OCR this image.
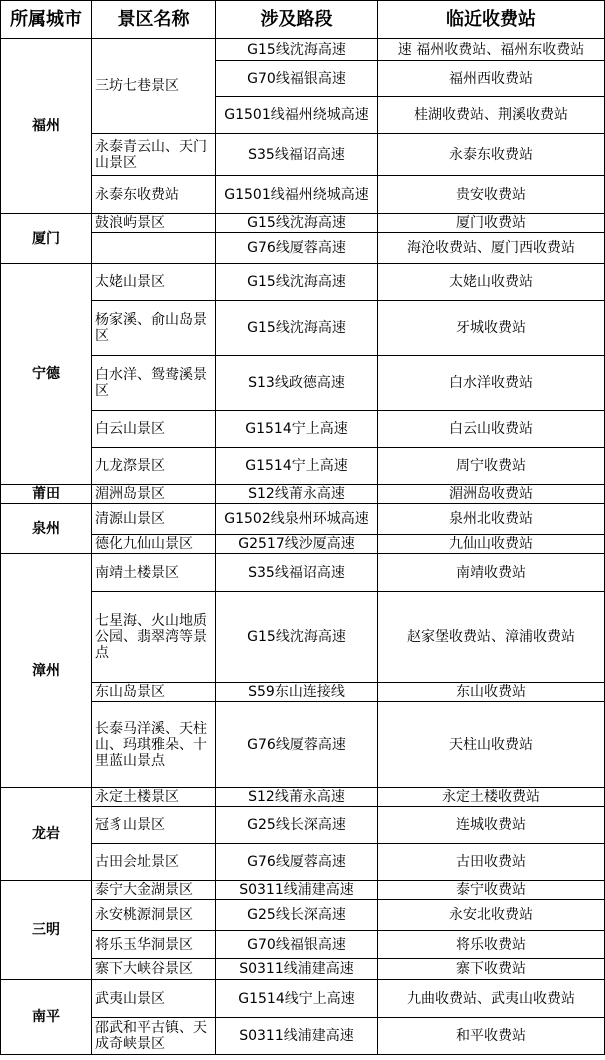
所属城市	景区名称	涉及路段	临近收费站
福州	三坊七巷景区	G15线沈海高速	速 福州收费站、福州东收费站
		G70线福银高速	福州西收费站
		G1501线福州绕城高速	桂湖收费站、荆溪收费站
	永泰青云山、天门山景区	S35线福诏高速	永泰东收费站
	永泰东收费站	G1501线福州绕城高速	贵安收费站
厦门	鼓浪屿景区	G15线沈海高速	厦门收费站
		G76线厦蓉高速	海沧收费站、厦门西收费站
宁德	太姥山景区	G15线沈海高速	太姥山收费站
	杨家溪、俞山岛景区	G15线沈海高速	牙城收费站
	白水洋、鸳鸯溪景区	S13线政德高速	白水洋收费站
	白云山景区	G1514宁上高速	白云山收费站
	九龙漈景区	G1514宁上高速	周宁收费站
莆田	湄洲岛景区	S12线莆永高速	湄洲岛收费站
泉州	清源山景区	G1502线泉州环城高速	泉州北收费站
	德化九仙山景区	G2517线沙厦高速	九仙山收费站
漳州	南靖土楼景区	S35线福诏高速	南靖收费站
	七星海、火山地质公园、翡翠湾等景点	G15线沈海高速	赵家堡收费站、漳浦收费站
	东山岛景区	S59东山连接线	东山收费站
	长泰马洋溪、天柱山、玛琪雅朵、十里蓝山景点	G76线厦蓉高速	天柱山收费站
龙岩	永定土楼景区	S12线莆永高速	永定土楼收费站
	冠豸山景区	G25线长深高速	连城收费站
	古田会址景区	G76线厦蓉高速	古田收费站
三明	泰宁大金湖景区	S0311线浦建高速	泰宁收费站
	永安桃源洞景区	G25线长深高速	永安北收费站
	将乐玉华洞景区	G70线福银高速	将乐收费站
	寨下大峡谷景区	S0311线浦建高速	寨下收费站
南平	武夷山景区	G1514线宁上高速	九曲收费站、武夷山收费站
	邵武和平古镇、天成奇峡景区	S0311线浦建高速	和平收费站
